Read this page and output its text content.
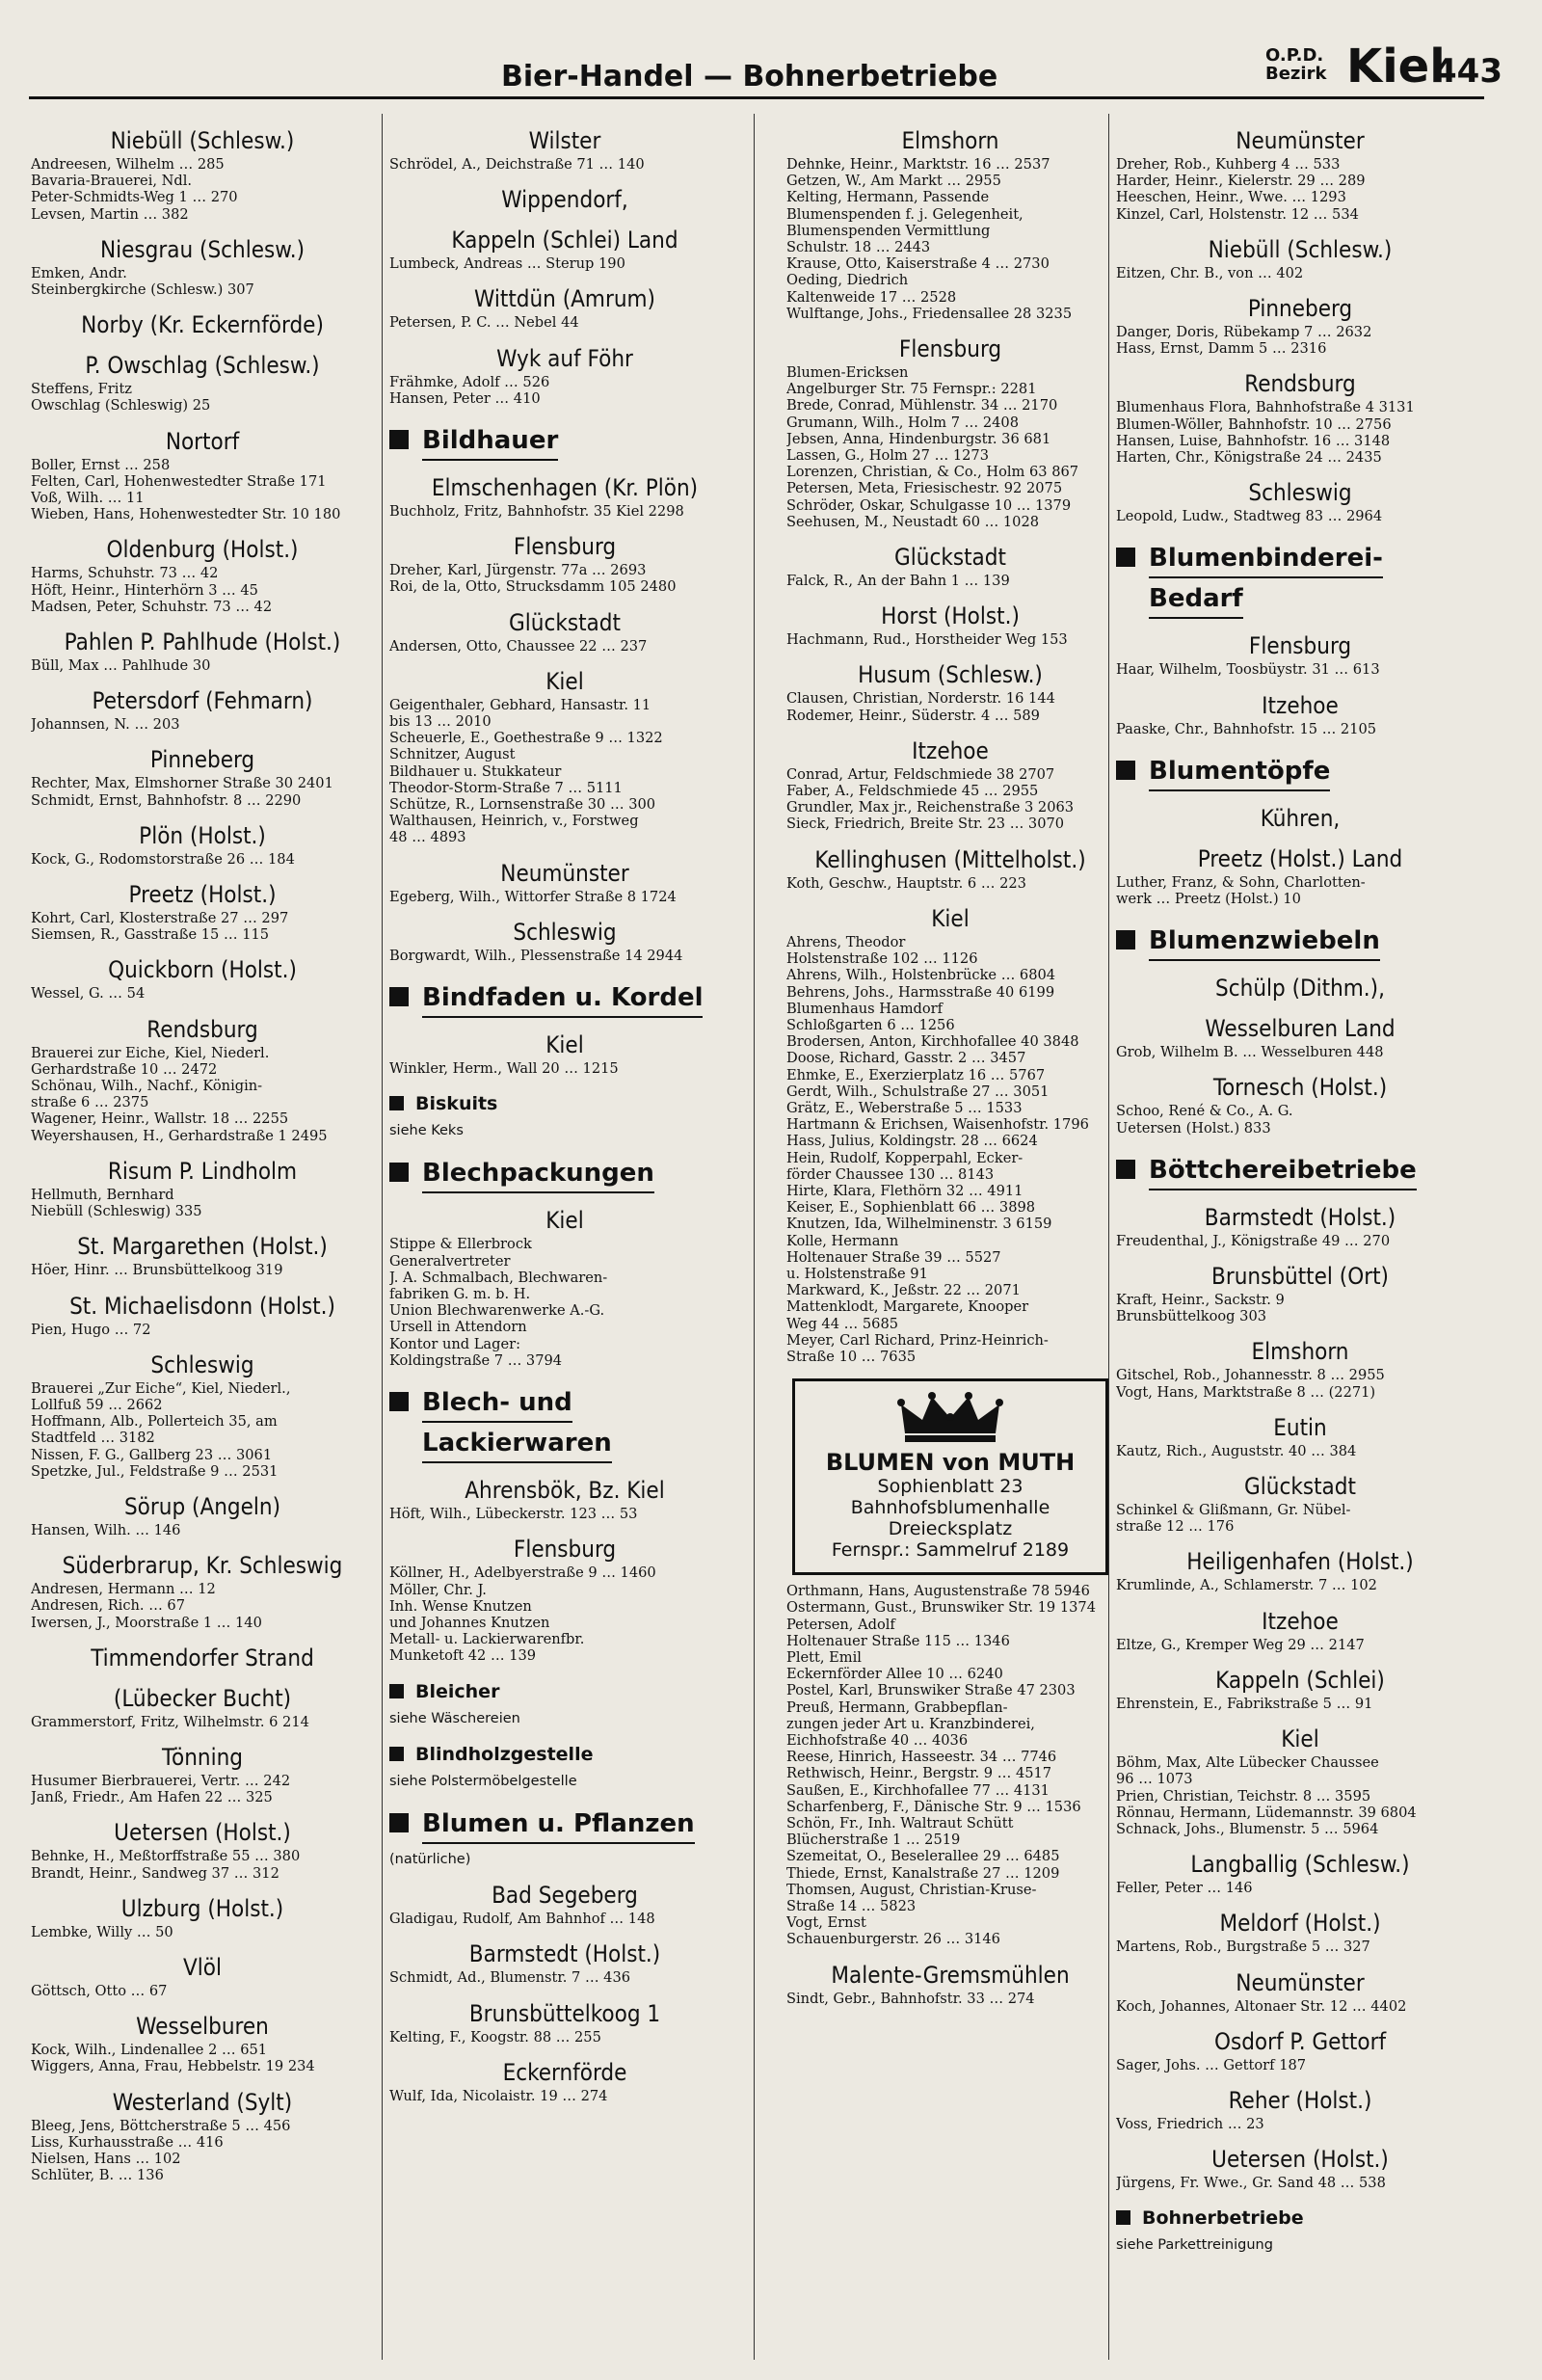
Bier-Handel — Bohnerbetriebe
O.P.D.
Bezirk Kiel
443
Niebüll (Schlesw.)
Andreesen, Wilhelm … 285
Bavaria-Brauerei, Ndl.
Peter-Schmidts-Weg 1 … 270
Levsen, Martin … 382
Niesgrau (Schlesw.)
Emken, Andr.
Steinbergkirche (Schlesw.) 307
Norby (Kr. Eckernförde)
P. Owschlag (Schlesw.)
Steffens, Fritz
Owschlag (Schleswig) 25
Nortorf
Boller, Ernst … 258
Felten, Carl, Hohenwestedter Straße 171
Voß, Wilh. … 11
Wieben, Hans, Hohenwestedter Str. 10 180
Oldenburg (Holst.)
Harms, Schuhstr. 73 … 42
Höft, Heinr., Hinterhörn 3 … 45
Madsen, Peter, Schuhstr. 73 … 42
Pahlen P. Pahlhude (Holst.)
Büll, Max … Pahlhude 30
Petersdorf (Fehmarn)
Johannsen, N. … 203
Pinneberg
Rechter, Max, Elmshorner Straße 30 2401
Schmidt, Ernst, Bahnhofstr. 8 … 2290
Plön (Holst.)
Kock, G., Rodomstorstraße 26 … 184
Preetz (Holst.)
Kohrt, Carl, Klosterstraße 27 … 297
Siemsen, R., Gasstraße 15 … 115
Quickborn (Holst.)
Wessel, G. … 54
Rendsburg
Brauerei zur Eiche, Kiel, Niederl.
Gerhardstraße 10 … 2472
Schönau, Wilh., Nachf., Königin-
straße 6 … 2375
Wagener, Heinr., Wallstr. 18 … 2255
Weyershausen, H., Gerhardstraße 1 2495
Risum P. Lindholm
Hellmuth, Bernhard
Niebüll (Schleswig) 335
St. Margarethen (Holst.)
Höer, Hinr. … Brunsbüttelkoog 319
St. Michaelisdonn (Holst.)
Pien, Hugo … 72
Schleswig
Brauerei „Zur Eiche“, Kiel, Niederl.,
Lollfuß 59 … 2662
Hoffmann, Alb., Pollerteich 35, am
Stadtfeld … 3182
Nissen, F. G., Gallberg 23 … 3061
Spetzke, Jul., Feldstraße 9 … 2531
Sörup (Angeln)
Hansen, Wilh. … 146
Süderbrarup, Kr. Schleswig
Andresen, Hermann … 12
Andresen, Rich. … 67
Iwersen, J., Moorstraße 1 … 140
Timmendorfer Strand
(Lübecker Bucht)
Grammerstorf, Fritz, Wilhelmstr. 6 214
Tönning
Husumer Bierbrauerei, Vertr. … 242
Janß, Friedr., Am Hafen 22 … 325
Uetersen (Holst.)
Behnke, H., Meßtorffstraße 55 … 380
Brandt, Heinr., Sandweg 37 … 312
Ulzburg (Holst.)
Lembke, Willy … 50
Vlöl
Göttsch, Otto … 67
Wesselburen
Kock, Wilh., Lindenallee 2 … 651
Wiggers, Anna, Frau, Hebbelstr. 19 234
Westerland (Sylt)
Bleeg, Jens, Böttcherstraße 5 … 456
Liss, Kurhausstraße … 416
Nielsen, Hans … 102
Schlüter, B. … 136
Wilster
Schrödel, A., Deichstraße 71 … 140
Wippendorf,
Kappeln (Schlei) Land
Lumbeck, Andreas … Sterup 190
Wittdün (Amrum)
Petersen, P. C. … Nebel 44
Wyk auf Föhr
Frähmke, Adolf … 526
Hansen, Peter … 410
Bildhauer
Elmschenhagen (Kr. Plön)
Buchholz, Fritz, Bahnhofstr. 35 Kiel 2298
Flensburg
Dreher, Karl, Jürgenstr. 77a … 2693
Roi, de la, Otto, Strucksdamm 105 2480
Glückstadt
Andersen, Otto, Chaussee 22 … 237
Kiel
Geigenthaler, Gebhard, Hansastr. 11
bis 13 … 2010
Scheuerle, E., Goethestraße 9 … 1322
Schnitzer, August
Bildhauer u. Stukkateur
Theodor-Storm-Straße 7 … 5111
Schütze, R., Lornsenstraße 30 … 300
Walthausen, Heinrich, v., Forstweg
48 … 4893
Neumünster
Egeberg, Wilh., Wittorfer Straße 8 1724
Schleswig
Borgwardt, Wilh., Plessenstraße 14 2944
Bindfaden u. Kordel
Kiel
Winkler, Herm., Wall 20 … 1215
Biskuits
siehe Keks
Blechpackungen
Kiel
Stippe & Ellerbrock
Generalvertreter
J. A. Schmalbach, Blechwaren-
fabriken G. m. b. H.
Union Blechwarenwerke A.-G.
Ursell in Attendorn
Kontor und Lager:
Koldingstraße 7 … 3794
Blech- und
Lackierwaren
Ahrensbök, Bz. Kiel
Höft, Wilh., Lübeckerstr. 123 … 53
Flensburg
Köllner, H., Adelbyerstraße 9 … 1460
Möller, Chr. J.
Inh. Wense Knutzen
und Johannes Knutzen
Metall- u. Lackierwarenfbr.
Munketoft 42 … 139
Bleicher
siehe Wäschereien
Blindholzgestelle
siehe Polstermöbelgestelle
Blumen u. Pflanzen
(natürliche)
Bad Segeberg
Gladigau, Rudolf, Am Bahnhof … 148
Barmstedt (Holst.)
Schmidt, Ad., Blumenstr. 7 … 436
Brunsbüttelkoog 1
Kelting, F., Koogstr. 88 … 255
Eckernförde
Wulf, Ida, Nicolaistr. 19 … 274
Elmshorn
Dehnke, Heinr., Marktstr. 16 … 2537
Getzen, W., Am Markt … 2955
Kelting, Hermann, Passende
Blumenspenden f. j. Gelegenheit,
Blumenspenden Vermittlung
Schulstr. 18 … 2443
Krause, Otto, Kaiserstraße 4 … 2730
Oeding, Diedrich
Kaltenweide 17 … 2528
Wulftange, Johs., Friedensallee 28 3235
Flensburg
Blumen-Ericksen
Angelburger Str. 75 Fernspr.: 2281
Brede, Conrad, Mühlenstr. 34 … 2170
Grumann, Wilh., Holm 7 … 2408
Jebsen, Anna, Hindenburgstr. 36 681
Lassen, G., Holm 27 … 1273
Lorenzen, Christian, & Co., Holm 63 867
Petersen, Meta, Friesischestr. 92 2075
Schröder, Oskar, Schulgasse 10 … 1379
Seehusen, M., Neustadt 60 … 1028
Glückstadt
Falck, R., An der Bahn 1 … 139
Horst (Holst.)
Hachmann, Rud., Horstheider Weg 153
Husum (Schlesw.)
Clausen, Christian, Norderstr. 16 144
Rodemer, Heinr., Süderstr. 4 … 589
Itzehoe
Conrad, Artur, Feldschmiede 38 2707
Faber, A., Feldschmiede 45 … 2955
Grundler, Max jr., Reichenstraße 3 2063
Sieck, Friedrich, Breite Str. 23 … 3070
Kellinghusen (Mittelholst.)
Koth, Geschw., Hauptstr. 6 … 223
Kiel
Ahrens, Theodor
Holstenstraße 102 … 1126
Ahrens, Wilh., Holstenbrücke … 6804
Behrens, Johs., Harmsstraße 40 6199
Blumenhaus Hamdorf
Schloßgarten 6 … 1256
Brodersen, Anton, Kirchhofallee 40 3848
Doose, Richard, Gasstr. 2 … 3457
Ehmke, E., Exerzierplatz 16 … 5767
Gerdt, Wilh., Schulstraße 27 … 3051
Grätz, E., Weberstraße 5 … 1533
Hartmann & Erichsen, Waisenhofstr. 1796
Hass, Julius, Koldingstr. 28 … 6624
Hein, Rudolf, Kopperpahl, Ecker-
förder Chaussee 130 … 8143
Hirte, Klara, Flethörn 32 … 4911
Keiser, E., Sophienblatt 66 … 3898
Knutzen, Ida, Wilhelminenstr. 3 6159
Kolle, Hermann
Holtenauer Straße 39 … 5527
u. Holstenstraße 91
Markward, K., Jeßstr. 22 … 2071
Mattenklodt, Margarete, Knooper
Weg 44 … 5685
Meyer, Carl Richard, Prinz-Heinrich-
Straße 10 … 7635
BLUMEN von MUTH
Sophienblatt 23
Bahnhofsblumenhalle
Dreiecksplatz
Fernspr.: Sammelruf 2189
Orthmann, Hans, Augustenstraße 78 5946
Ostermann, Gust., Brunswiker Str. 19 1374
Petersen, Adolf
Holtenauer Straße 115 … 1346
Plett, Emil
Eckernförder Allee 10 … 6240
Postel, Karl, Brunswiker Straße 47 2303
Preuß, Hermann, Grabbepflan-
zungen jeder Art u. Kranzbinderei,
Eichhofstraße 40 … 4036
Reese, Hinrich, Hasseestr. 34 … 7746
Rethwisch, Heinr., Bergstr. 9 … 4517
Saußen, E., Kirchhofallee 77 … 4131
Scharfenberg, F., Dänische Str. 9 … 1536
Schön, Fr., Inh. Waltraut Schütt
Blücherstraße 1 … 2519
Szemeitat, O., Beselerallee 29 … 6485
Thiede, Ernst, Kanalstraße 27 … 1209
Thomsen, August, Christian-Kruse-
Straße 14 … 5823
Vogt, Ernst
Schauenburgerstr. 26 … 3146
Malente-Gremsmühlen
Sindt, Gebr., Bahnhofstr. 33 … 274
Neumünster
Dreher, Rob., Kuhberg 4 … 533
Harder, Heinr., Kielerstr. 29 … 289
Heeschen, Heinr., Wwe. … 1293
Kinzel, Carl, Holstenstr. 12 … 534
Niebüll (Schlesw.)
Eitzen, Chr. B., von … 402
Pinneberg
Danger, Doris, Rübekamp 7 … 2632
Hass, Ernst, Damm 5 … 2316
Rendsburg
Blumenhaus Flora, Bahnhofstraße 4 3131
Blumen-Wöller, Bahnhofstr. 10 … 2756
Hansen, Luise, Bahnhofstr. 16 … 3148
Harten, Chr., Königstraße 24 … 2435
Schleswig
Leopold, Ludw., Stadtweg 83 … 2964
Blumenbinderei-
Bedarf
Flensburg
Haar, Wilhelm, Toosbüystr. 31 … 613
Itzehoe
Paaske, Chr., Bahnhofstr. 15 … 2105
Blumentöpfe
Kühren,
Preetz (Holst.) Land
Luther, Franz, & Sohn, Charlotten-
werk … Preetz (Holst.) 10
Blumenzwiebeln
Schülp (Dithm.),
Wesselburen Land
Grob, Wilhelm B. … Wesselburen 448
Tornesch (Holst.)
Schoo, René & Co., A. G.
Uetersen (Holst.) 833
Böttchereibetriebe
Barmstedt (Holst.)
Freudenthal, J., Königstraße 49 … 270
Brunsbüttel (Ort)
Kraft, Heinr., Sackstr. 9
Brunsbüttelkoog 303
Elmshorn
Gitschel, Rob., Johannesstr. 8 … 2955
Vogt, Hans, Marktstraße 8 … (2271)
Eutin
Kautz, Rich., Auguststr. 40 … 384
Glückstadt
Schinkel & Glißmann, Gr. Nübel-
straße 12 … 176
Heiligenhafen (Holst.)
Krumlinde, A., Schlamerstr. 7 … 102
Itzehoe
Eltze, G., Kremper Weg 29 … 2147
Kappeln (Schlei)
Ehrenstein, E., Fabrikstraße 5 … 91
Kiel
Böhm, Max, Alte Lübecker Chaussee
96 … 1073
Prien, Christian, Teichstr. 8 … 3595
Rönnau, Hermann, Lüdemannstr. 39 6804
Schnack, Johs., Blumenstr. 5 … 5964
Langballig (Schlesw.)
Feller, Peter … 146
Meldorf (Holst.)
Martens, Rob., Burgstraße 5 … 327
Neumünster
Koch, Johannes, Altonaer Str. 12 … 4402
Osdorf P. Gettorf
Sager, Johs. … Gettorf 187
Reher (Holst.)
Voss, Friedrich … 23
Uetersen (Holst.)
Jürgens, Fr. Wwe., Gr. Sand 48 … 538
Bohnerbetriebe
siehe Parkettreinigung
